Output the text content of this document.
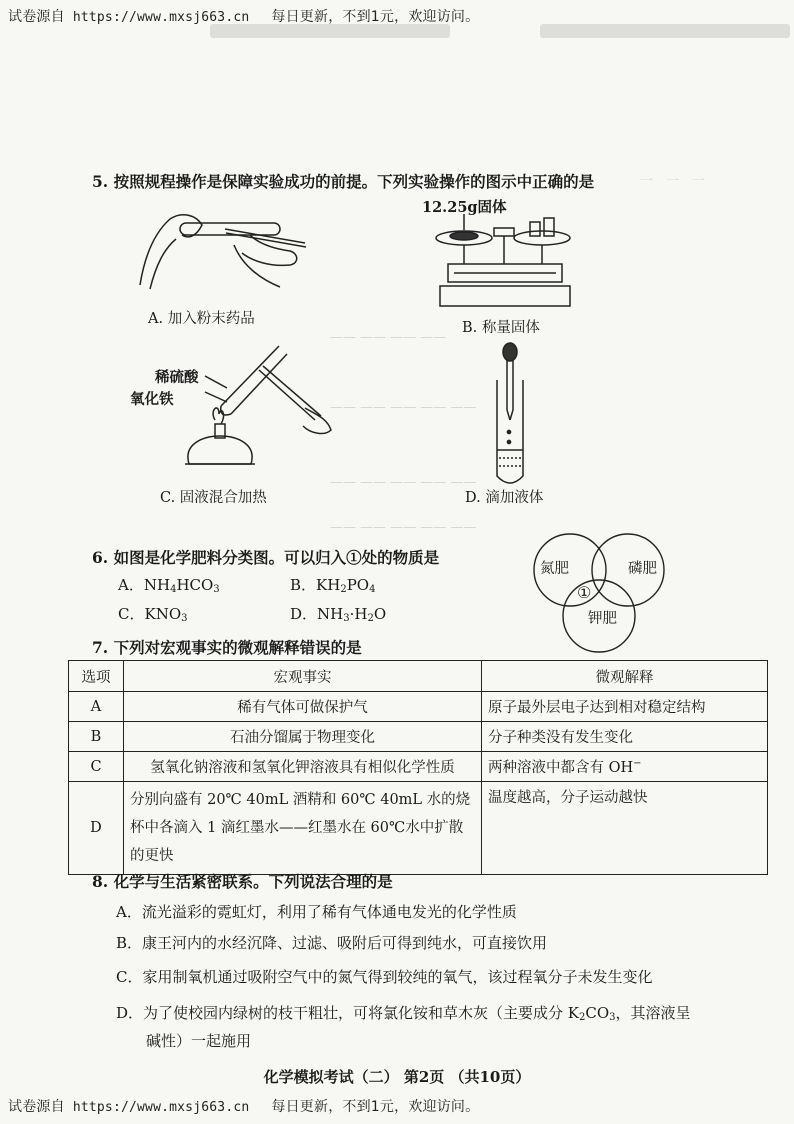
试卷源自 https://www.mxsj663.cn 每日更新，不到1元，欢迎访问。
一　一　一
—— —— —— ——
—— —— —— —— ——
—— —— —— —— ——
—— —— —— —— ——
5. 按照规程操作是保障实验成功的前提。下列实验操作的图示中正确的是
A. 加入粉末药品
12.25g固体
B. 称量固体
稀硫酸
氧化铁
C. 固液混合加热	D. 滴加液体
6. 如图是化学肥料分类图。可以归入①处的物质是
A．$NH_4HCO_3$	B．$KH_2PO_4$
C．$KNO_3$	D．$NH_3\cdot H_2O$
氮肥	磷肥
①
钾肥
7. 下列对宏观事实的微观解释错误的是
选项	宏观事实	微观解释
A	稀有气体可做保护气	原子最外层电子达到相对稳定结构
B	石油分馏属于物理变化	分子种类没有发生变化
C	氢氧化钠溶液和氢氧化钾溶液具有相似化学性质	两种溶液中都含有 OH−
D	分别向盛有 20℃ 40mL 酒精和 60℃ 40mL 水的烧杯中各滴入 1 滴红墨水——红墨水在 60℃水中扩散的更快	温度越高，分子运动越快
8. 化学与生活紧密联系。下列说法合理的是
A．流光溢彩的霓虹灯，利用了稀有气体通电发光的化学性质
B．康王河内的水经沉降、过滤、吸附后可得到纯水，可直接饮用
C．家用制氧机通过吸附空气中的氮气得到较纯的氧气，该过程氧分子未发生变化
D．为了使校园内绿树的枝干粗壮，可将氯化铵和草木灰（主要成分 $K_2CO_3$，其溶液呈
碱性）一起施用
化学模拟考试（二） 第2页 （共10页）
试卷源自 https://www.mxsj663.cn 每日更新，不到1元，欢迎访问。
